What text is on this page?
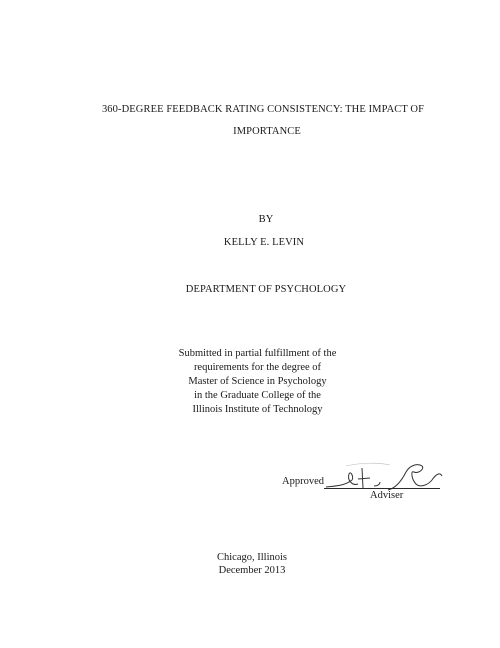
360-DEGREE FEEDBACK RATING CONSISTENCY: THE IMPACT OF
IMPORTANCE
BY
KELLY E. LEVIN
DEPARTMENT OF PSYCHOLOGY
Submitted in partial fulfillment of the
requirements for the degree of
Master of Science in Psychology
in the Graduate College of the
Illinois Institute of Technology
Approved
Adviser
Chicago, Illinois
December 2013
